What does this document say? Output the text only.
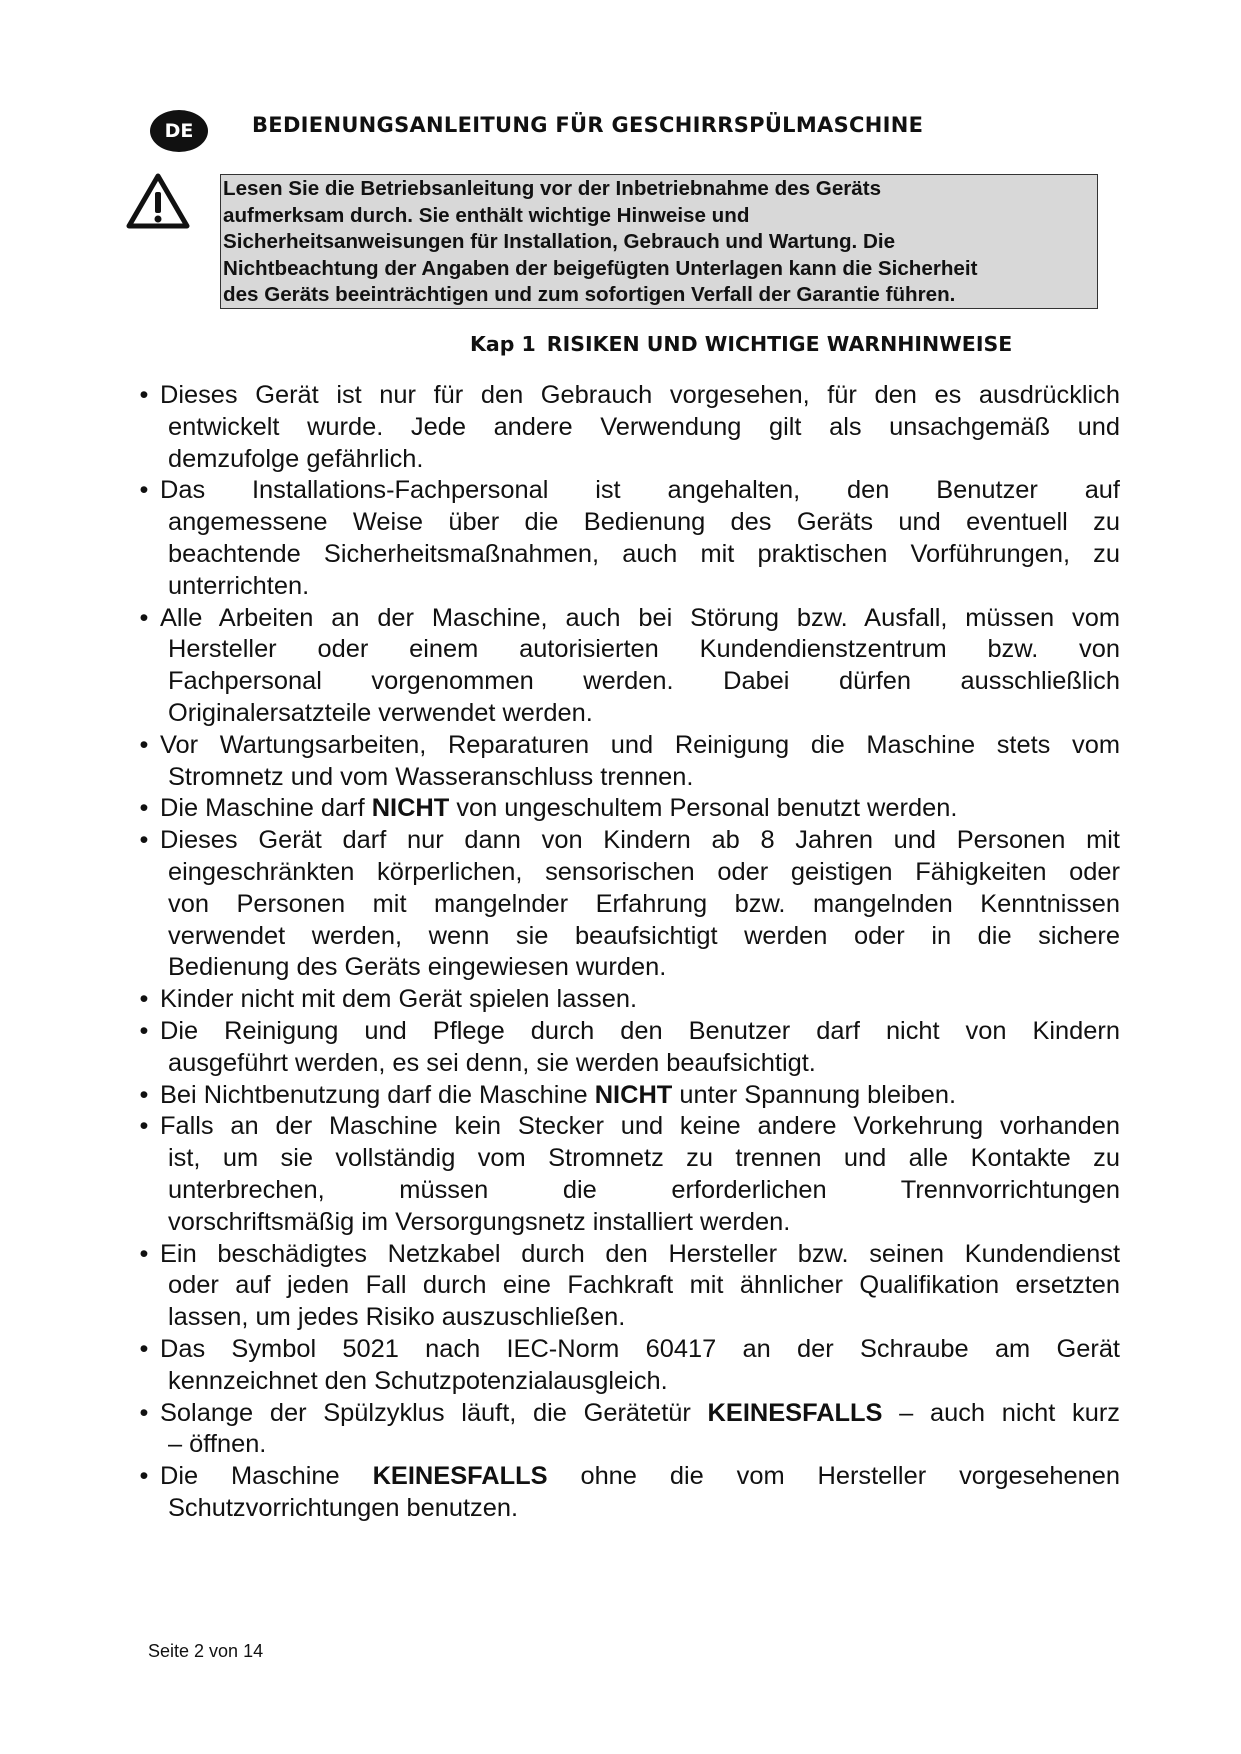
DE	BEDIENUNGSANLEITUNG FÜR GESCHIRRSPÜLMASCHINE
Lesen Sie die Betriebsanleitung vor der Inbetriebnahme des Geräts
aufmerksam durch. Sie enthält wichtige Hinweise und
Sicherheitsanweisungen für Installation, Gebrauch und Wartung. Die
Nichtbeachtung der Angaben der beigefügten Unterlagen kann die Sicherheit
des Geräts beeinträchtigen und zum sofortigen Verfall der Garantie führen.
Kap 1 RISIKEN UND WICHTIGE WARNHINWEISE
• Dieses Gerät ist nur für den Gebrauch vorgesehen, für den es ausdrücklich
entwickelt wurde. Jede andere Verwendung gilt als unsachgemäß und
demzufolge gefährlich.
• Das Installations-Fachpersonal ist angehalten, den Benutzer auf
angemessene Weise über die Bedienung des Geräts und eventuell zu
beachtende Sicherheitsmaßnahmen, auch mit praktischen Vorführungen, zu
unterrichten.
• Alle Arbeiten an der Maschine, auch bei Störung bzw. Ausfall, müssen vom
Hersteller oder einem autorisierten Kundendienstzentrum bzw. von
Fachpersonal vorgenommen werden. Dabei dürfen ausschließlich
Originalersatzteile verwendet werden.
• Vor Wartungsarbeiten, Reparaturen und Reinigung die Maschine stets vom
Stromnetz und vom Wasseranschluss trennen.
• Die Maschine darf NICHT von ungeschultem Personal benutzt werden.
• Dieses Gerät darf nur dann von Kindern ab 8 Jahren und Personen mit
eingeschränkten körperlichen, sensorischen oder geistigen Fähigkeiten oder
von Personen mit mangelnder Erfahrung bzw. mangelnden Kenntnissen
verwendet werden, wenn sie beaufsichtigt werden oder in die sichere
Bedienung des Geräts eingewiesen wurden.
• Kinder nicht mit dem Gerät spielen lassen.
• Die Reinigung und Pflege durch den Benutzer darf nicht von Kindern
ausgeführt werden, es sei denn, sie werden beaufsichtigt.
• Bei Nichtbenutzung darf die Maschine NICHT unter Spannung bleiben.
• Falls an der Maschine kein Stecker und keine andere Vorkehrung vorhanden
ist, um sie vollständig vom Stromnetz zu trennen und alle Kontakte zu
unterbrechen, müssen die erforderlichen Trennvorrichtungen
vorschriftsmäßig im Versorgungsnetz installiert werden.
• Ein beschädigtes Netzkabel durch den Hersteller bzw. seinen Kundendienst
oder auf jeden Fall durch eine Fachkraft mit ähnlicher Qualifikation ersetzten
lassen, um jedes Risiko auszuschließen.
• Das Symbol 5021 nach IEC-Norm 60417 an der Schraube am Gerät
kennzeichnet den Schutzpotenzialausgleich.
• Solange der Spülzyklus läuft, die Gerätetür KEINESFALLS – auch nicht kurz
– öffnen.
• Die Maschine KEINESFALLS ohne die vom Hersteller vorgesehenen
Schutzvorrichtungen benutzen.
Seite 2 von 14
